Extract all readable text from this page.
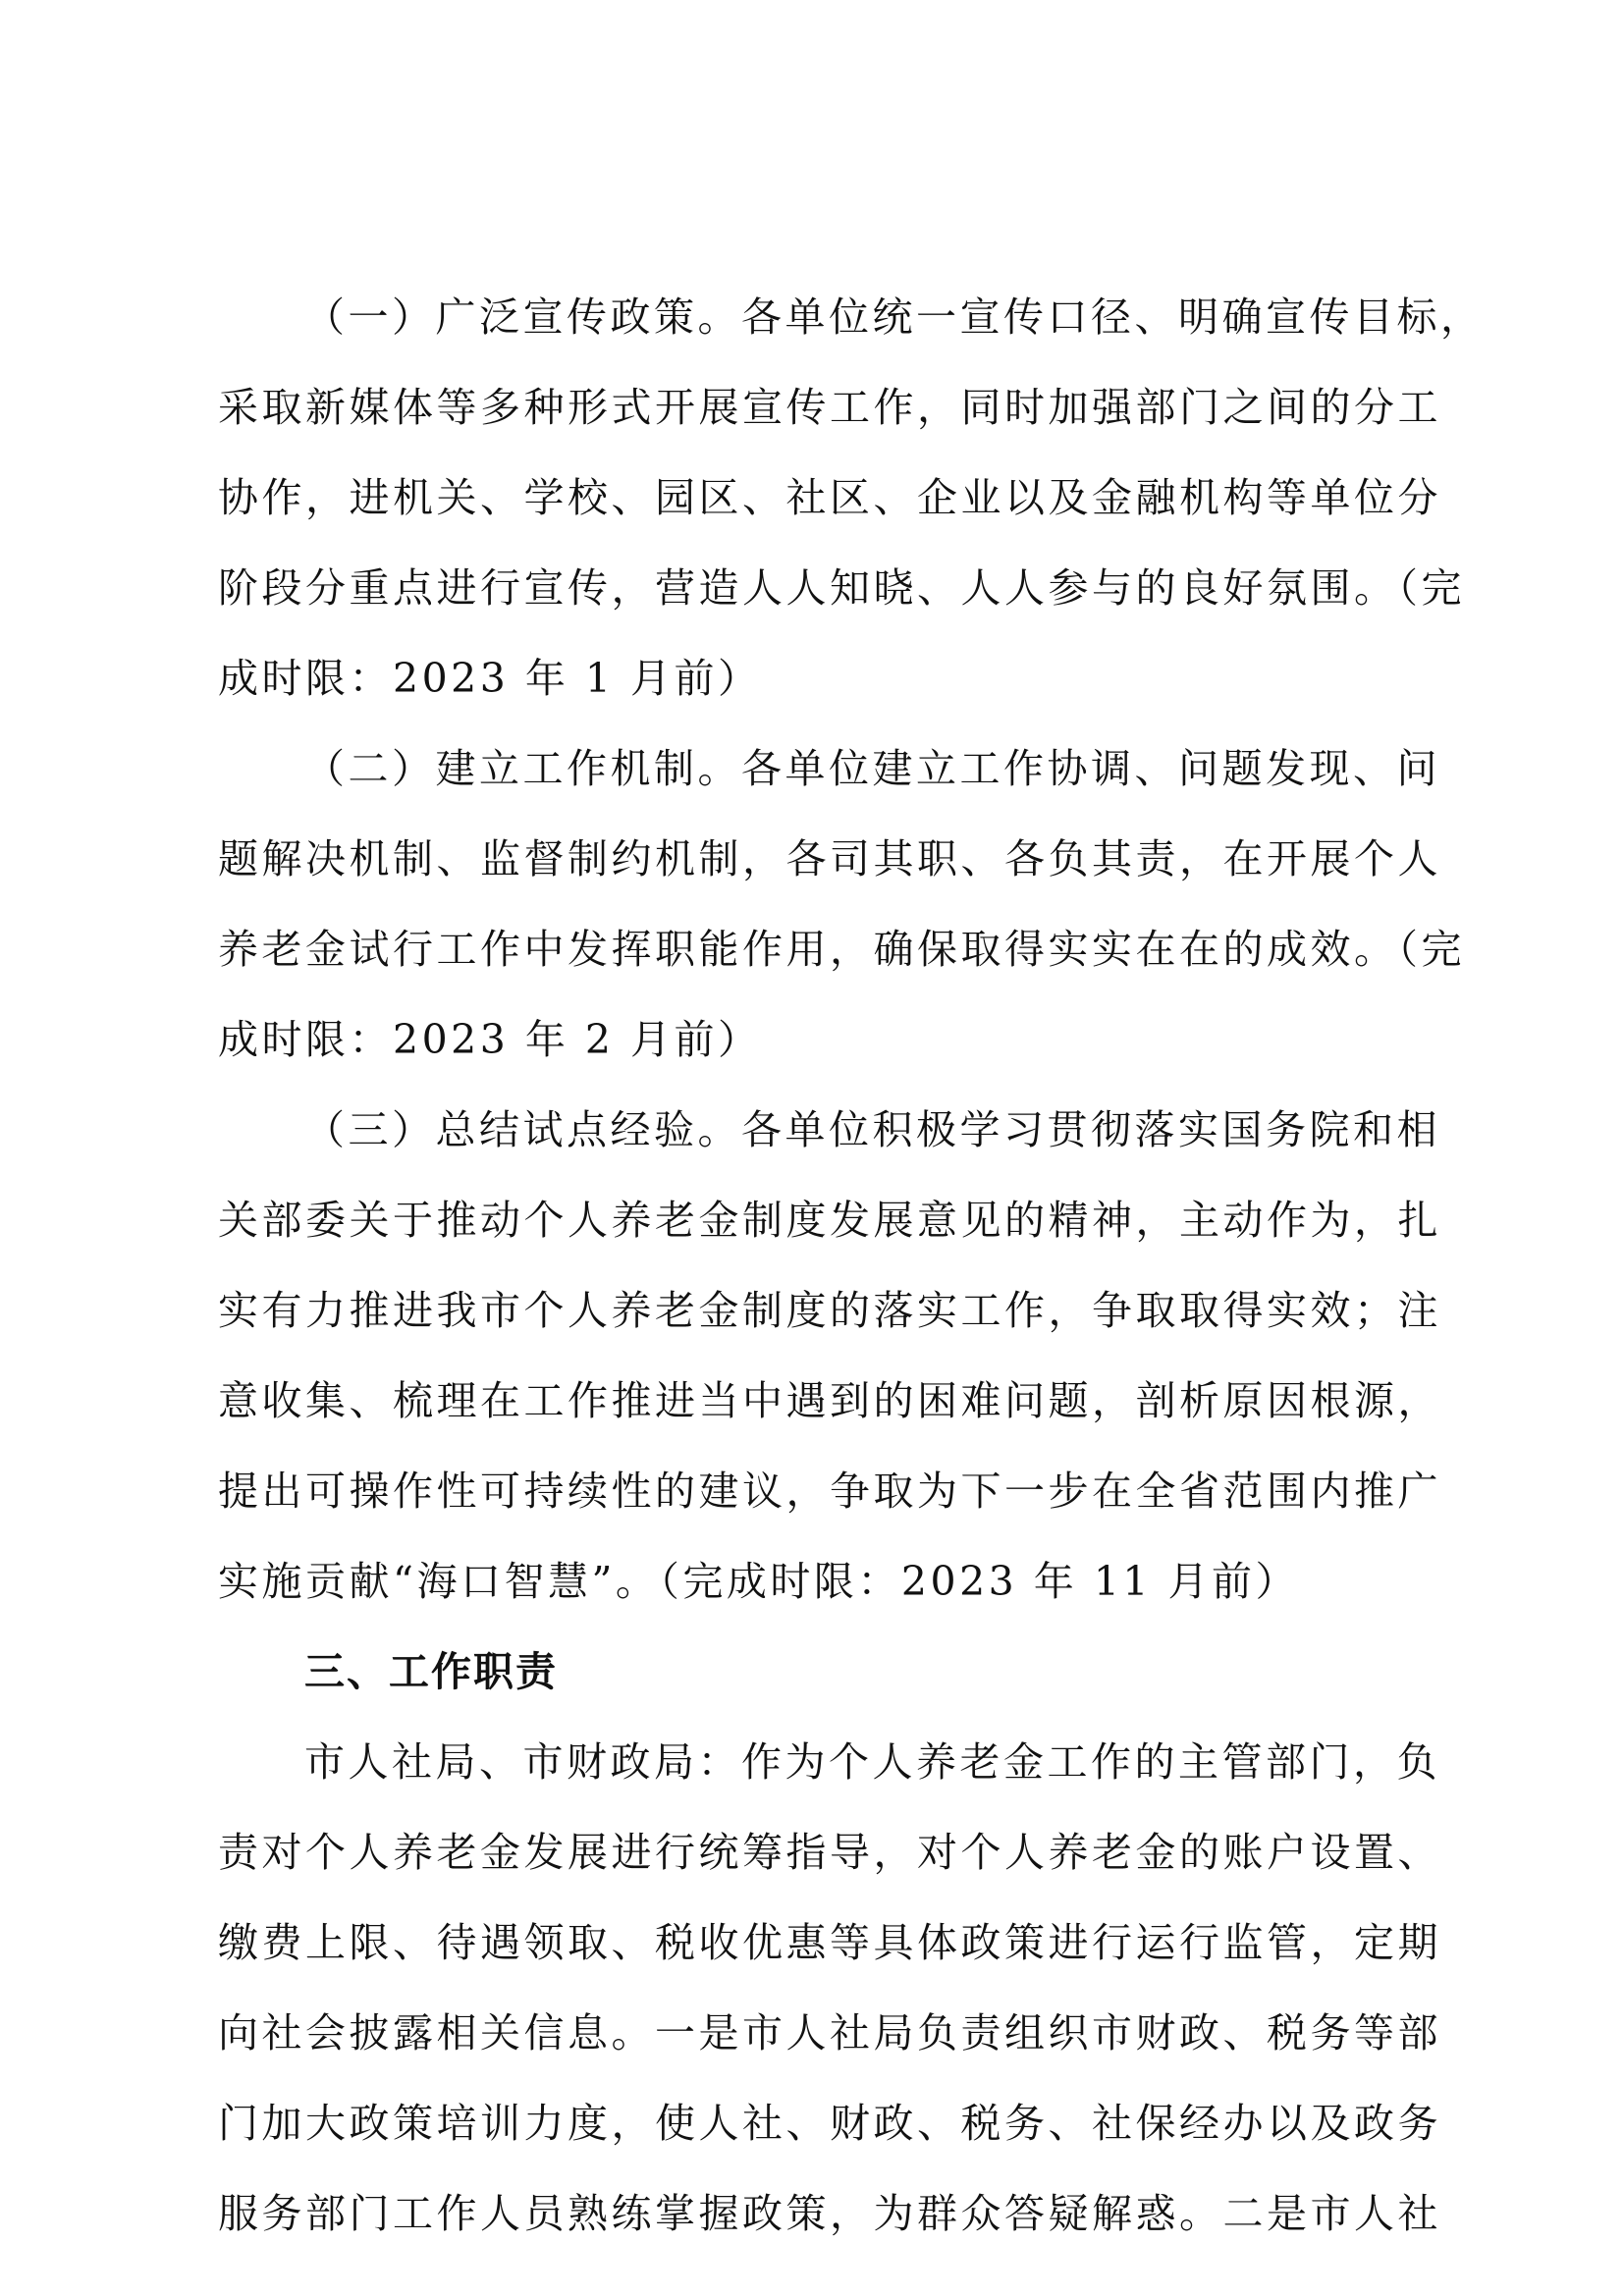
（一）广泛宣传政策。各单位统一宣传口径、明确宣传目标，
采取新媒体等多种形式开展宣传工作，同时加强部门之间的分工
协作，进机关、学校、园区、社区、企业以及金融机构等单位分
阶段分重点进行宣传，营造人人知晓、人人参与的良好氛围。（完
成时限：2023 年 1 月前）
（二）建立工作机制。各单位建立工作协调、问题发现、问
题解决机制、监督制约机制，各司其职、各负其责，在开展个人
养老金试行工作中发挥职能作用，确保取得实实在在的成效。（完
成时限：2023 年 2 月前）
（三）总结试点经验。各单位积极学习贯彻落实国务院和相
关部委关于推动个人养老金制度发展意见的精神，主动作为，扎
实有力推进我市个人养老金制度的落实工作，争取取得实效；注
意收集、梳理在工作推进当中遇到的困难问题，剖析原因根源，
提出可操作性可持续性的建议，争取为下一步在全省范围内推广
实施贡献“海口智慧”。（完成时限：2023 年 11 月前）
三、工作职责
市人社局、市财政局：作为个人养老金工作的主管部门，负
责对个人养老金发展进行统筹指导，对个人养老金的账户设置、
缴费上限、待遇领取、税收优惠等具体政策进行运行监管，定期
向社会披露相关信息。一是市人社局负责组织市财政、税务等部
门加大政策培训力度，使人社、财政、税务、社保经办以及政务
服务部门工作人员熟练掌握政策，为群众答疑解惑。二是市人社
